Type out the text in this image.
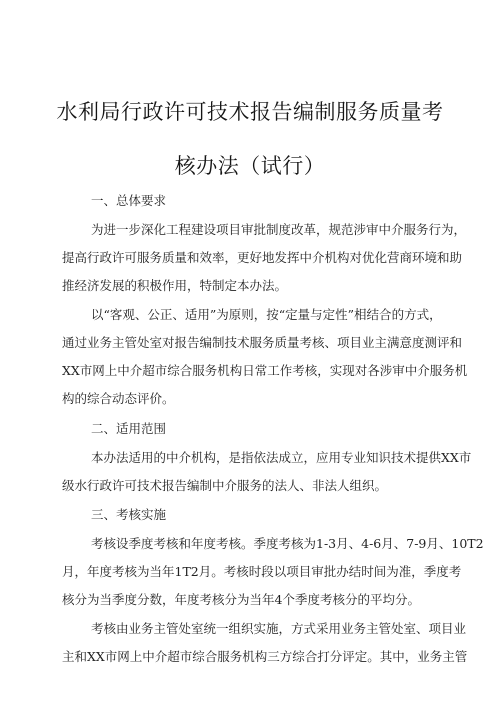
水利局行政许可技术报告编制服务质量考
核办法（试行）
一、总体要求
为进一步深化工程建设项目审批制度改革，规范涉审中介服务行为，
提高行政许可服务质量和效率，更好地发挥中介机构对优化营商环境和助
推经济发展的积极作用，特制定本办法。
以“客观、公正、适用”为原则，按“定量与定性”相结合的方式，
通过业务主管处室对报告编制技术服务质量考核、项目业主满意度测评和
XX市网上中介超市综合服务机构日常工作考核，实现对各涉审中介服务机
构的综合动态评价。
二、适用范围
本办法适用的中介机构，是指依法成立，应用专业知识技术提供XX市
级水行政许可技术报告编制中介服务的法人、非法人组织。
三、考核实施
考核设季度考核和年度考核。季度考核为1-3月、4-6月、7-9月、10T2
月，年度考核为当年1T2月。考核时段以项目审批办结时间为准，季度考
核分为当季度分数，年度考核分为当年4个季度考核分的平均分。
考核由业务主管处室统一组织实施，方式采用业务主管处室、项目业
主和XX市网上中介超市综合服务机构三方综合打分评定。其中，业务主管
